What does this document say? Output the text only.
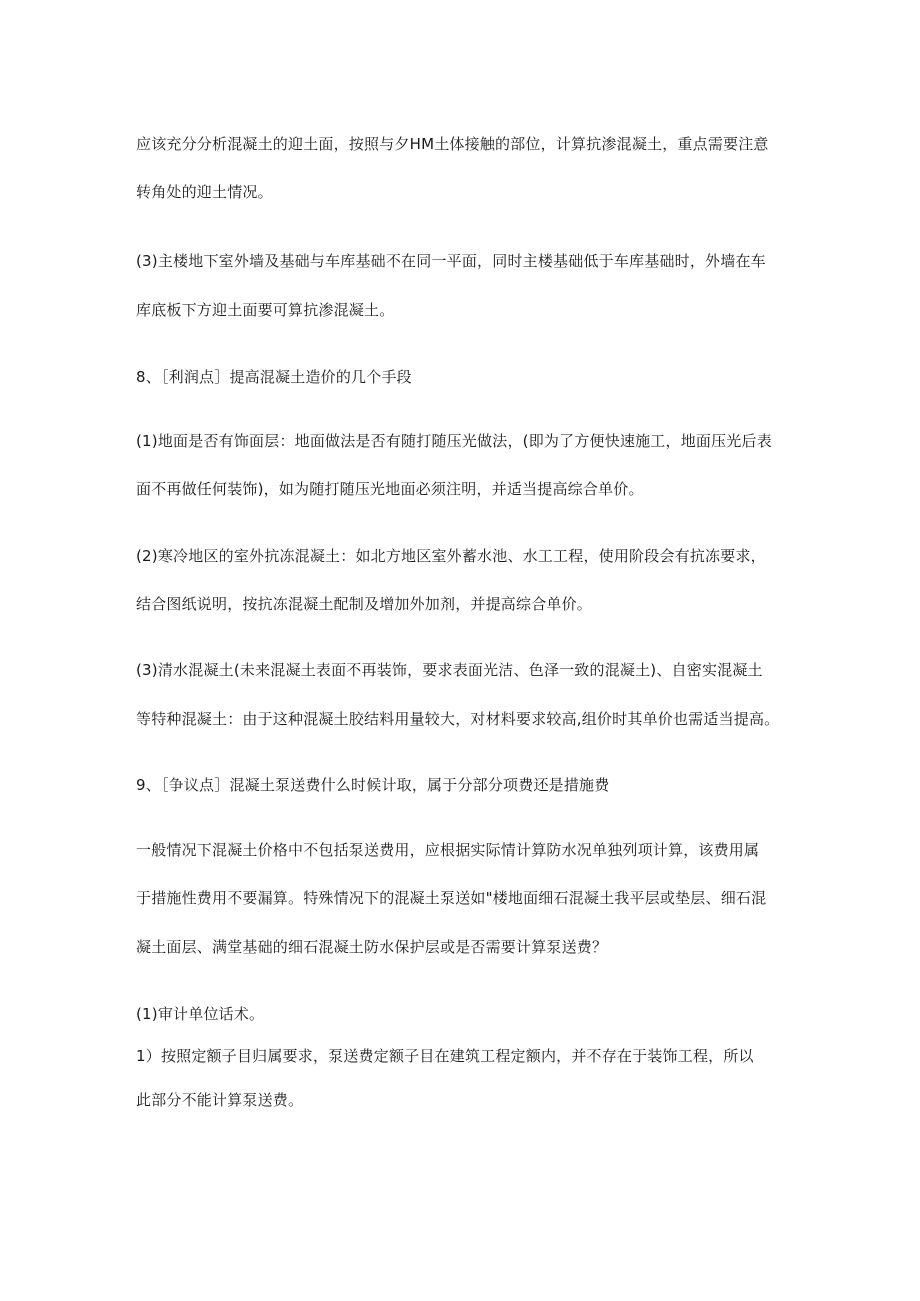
应该充分分析混凝土的迎土面，按照与夕HM土体接触的部位，计算抗渗混凝土，重点需要注意
转角处的迎土情况。
(3)主楼地下室外墙及基础与车库基础不在同一平面，同时主楼基础低于车库基础时，外墙在车
库底板下方迎土面要可算抗渗混凝土。
8、［利润点］提高混凝土造价的几个手段
(1)地面是否有饰面层：地面做法是否有随打随压光做法，(即为了方便快速施工，地面压光后表
面不再做任何装饰)，如为随打随压光地面必须注明，并适当提高综合单价。
(2)寒冷地区的室外抗冻混凝土：如北方地区室外蓄水池、水工工程，使用阶段会有抗冻要求，
结合图纸说明，按抗冻混凝土配制及增加外加剂，并提高综合单价。
(3)清水混凝土(未来混凝土表面不再装饰，要求表面光洁、色泽一致的混凝土)、自密实混凝土
等特种混凝土：由于这种混凝土胶结料用量较大，对材料要求较高,组价时其单价也需适当提高。
9、［争议点］混凝土泵送费什么时候计取，属于分部分项费还是措施费
一般情况下混凝土价格中不包括泵送费用，应根据实际情计算防水况单独列项计算，该费用属
于措施性费用不要漏算。特殊情况下的混凝土泵送如"楼地面细石混凝土我平层或垫层、细石混
凝土面层、满堂基础的细石混凝土防水保护层或是否需要计算泵送费？
(1)审计单位话术。
1）按照定额子目归属要求，泵送费定额子目在建筑工程定额内，并不存在于装饰工程，所以
此部分不能计算泵送费。
